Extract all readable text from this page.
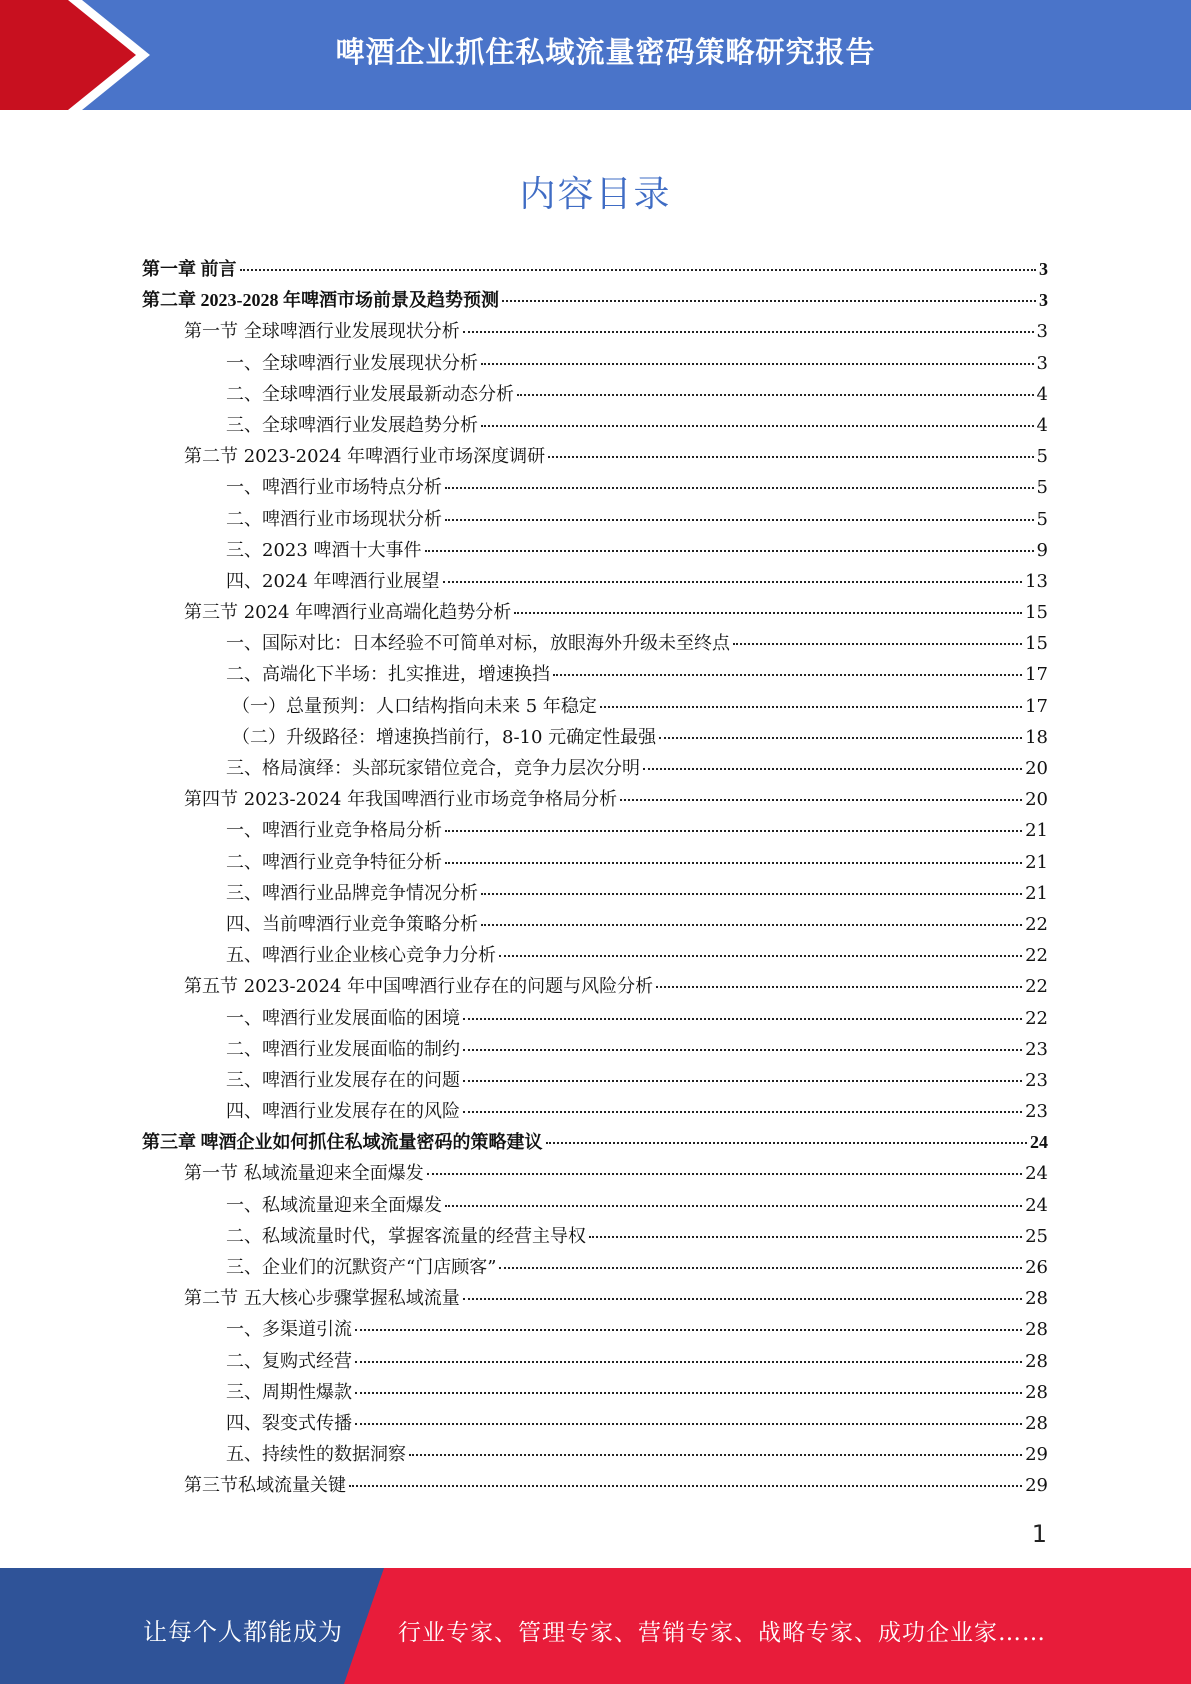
啤酒企业抓住私域流量密码策略研究报告
内容目录
第一章 前言	3
第二章 2023-2028 年啤酒市场前景及趋势预测	3
第一节 全球啤酒行业发展现状分析	3
一、全球啤酒行业发展现状分析	3
二、全球啤酒行业发展最新动态分析	4
三、全球啤酒行业发展趋势分析	4
第二节 2023-2024 年啤酒行业市场深度调研	5
一、啤酒行业市场特点分析	5
二、啤酒行业市场现状分析	5
三、2023 啤酒十大事件	9
四、2024 年啤酒行业展望	13
第三节 2024 年啤酒行业高端化趋势分析	15
一、国际对比：日本经验不可简单对标，放眼海外升级未至终点	15
二、高端化下半场：扎实推进，增速换挡	17
（一）总量预判：人口结构指向未来 5 年稳定	17
（二）升级路径：增速换挡前行，8-10 元确定性最强	18
三、格局演绎：头部玩家错位竞合，竞争力层次分明	20
第四节 2023-2024 年我国啤酒行业市场竞争格局分析	20
一、啤酒行业竞争格局分析	21
二、啤酒行业竞争特征分析	21
三、啤酒行业品牌竞争情况分析	21
四、当前啤酒行业竞争策略分析	22
五、啤酒行业企业核心竞争力分析	22
第五节 2023-2024 年中国啤酒行业存在的问题与风险分析	22
一、啤酒行业发展面临的困境	22
二、啤酒行业发展面临的制约	23
三、啤酒行业发展存在的问题	23
四、啤酒行业发展存在的风险	23
第三章 啤酒企业如何抓住私域流量密码的策略建议	24
第一节 私域流量迎来全面爆发	24
一、私域流量迎来全面爆发	24
二、私域流量时代，掌握客流量的经营主导权	25
三、企业们的沉默资产“门店顾客”	26
第二节 五大核心步骤掌握私域流量	28
一、多渠道引流	28
二、复购式经营	28
三、周期性爆款	28
四、裂变式传播	28
五、持续性的数据洞察	29
第三节私域流量关键	29
1
让每个人都能成为 行业专家、管理专家、营销专家、战略专家、成功企业家……
